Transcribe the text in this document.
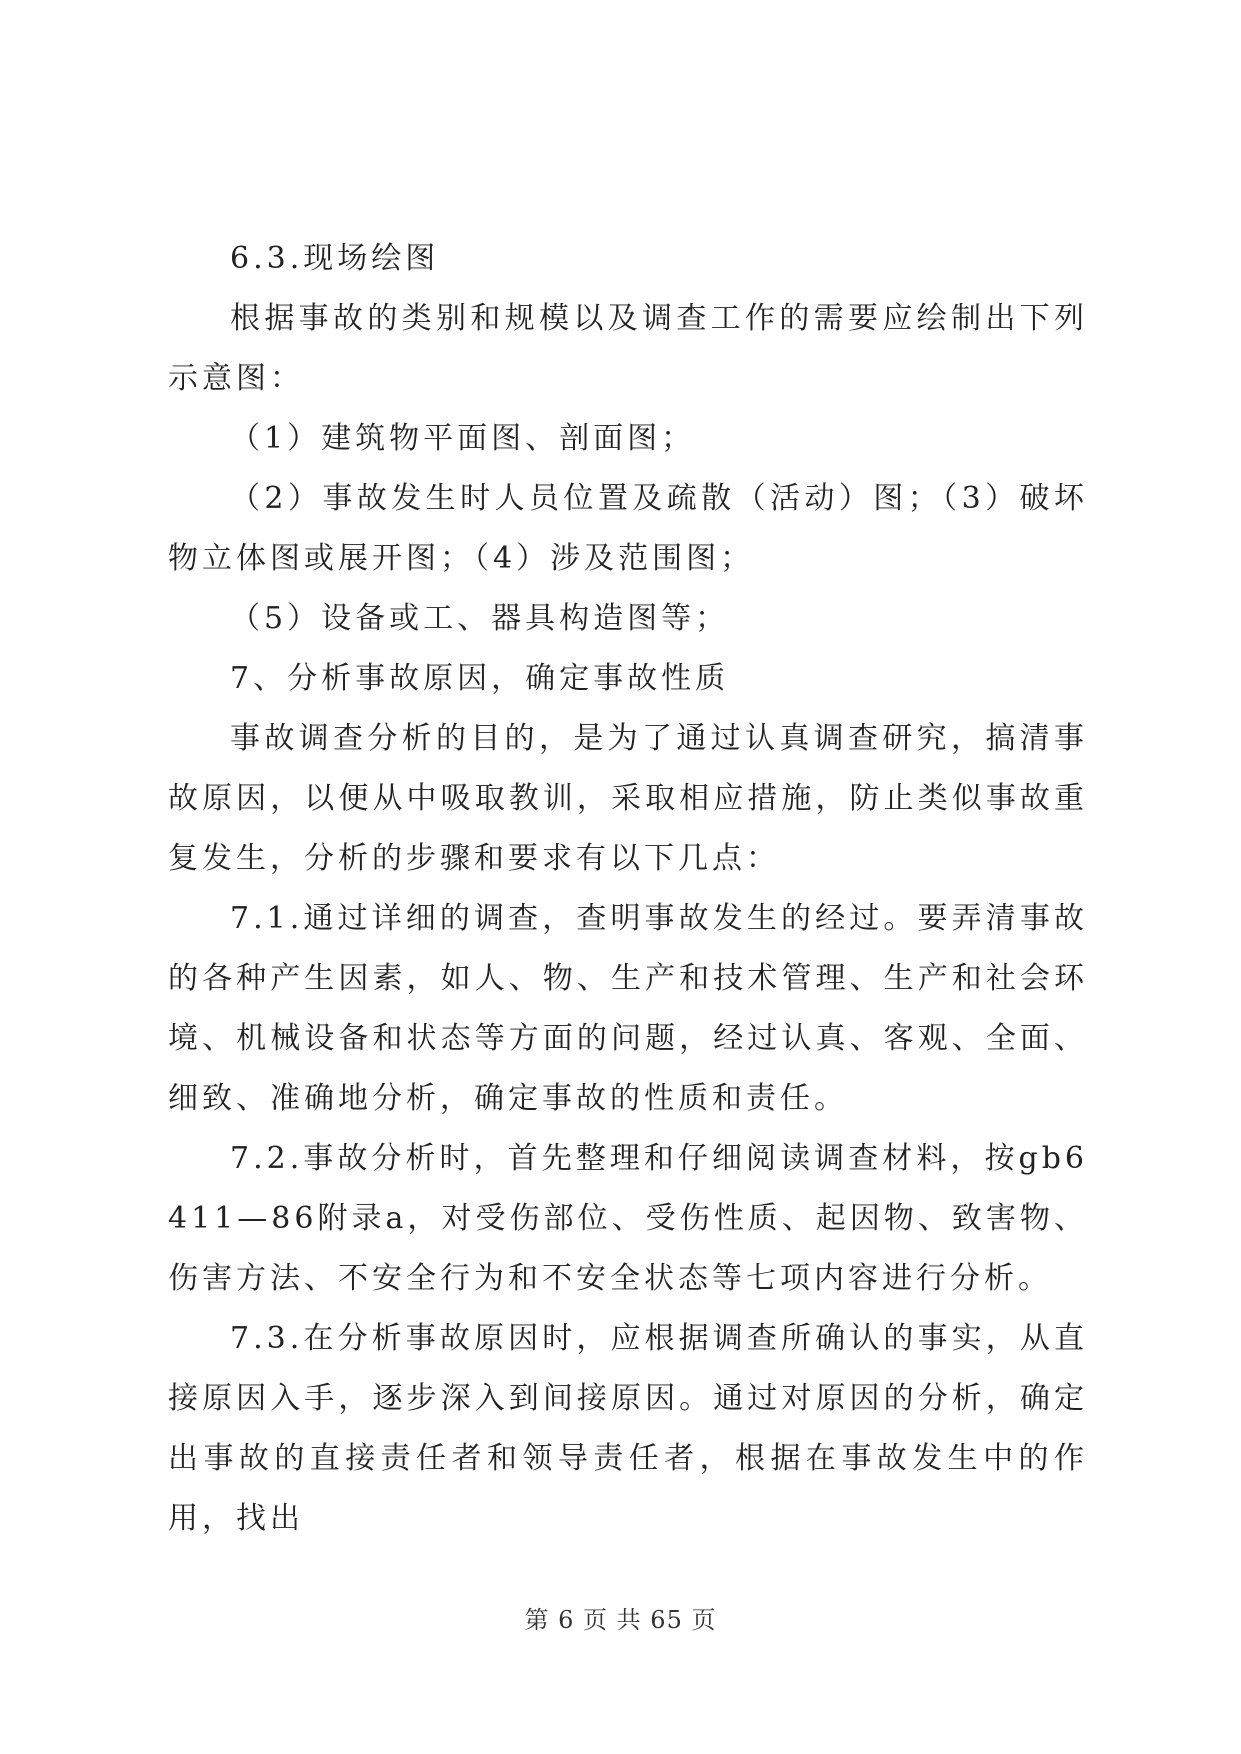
6.3.现场绘图

根据事故的类别和规模以及调查工作的需要应绘制出下列示意图：

（1）建筑物平面图、剖面图；

（2）事故发生时人员位置及疏散（活动）图；（3）破坏物立体图或展开图；（4）涉及范围图；

（5）设备或工、器具构造图等；

7、分析事故原因，确定事故性质

事故调查分析的目的，是为了通过认真调查研究，搞清事故原因，以便从中吸取教训，采取相应措施，防止类似事故重复发生，分析的步骤和要求有以下几点：

7.1.通过详细的调查，查明事故发生的经过。要弄清事故的各种产生因素，如人、物、生产和技术管理、生产和社会环境、机械设备和状态等方面的问题，经过认真、客观、全面、细致、准确地分析，确定事故的性质和责任。

7.2.事故分析时，首先整理和仔细阅读调查材料，按gb6411—86附录a，对受伤部位、受伤性质、起因物、致害物、伤害方法、不安全行为和不安全状态等七项内容进行分析。

7.3.在分析事故原因时，应根据调查所确认的事实，从直接原因入手，逐步深入到间接原因。通过对原因的分析，确定出事故的直接责任者和领导责任者，根据在事故发生中的作用，找出

第 6 页 共 65 页
